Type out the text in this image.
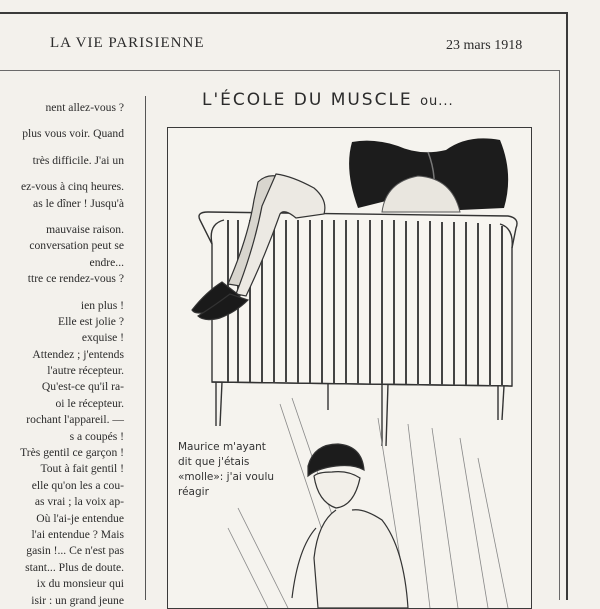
LA VIE PARISIENNE	23 mars 1918
L'ÉCOLE DU MUSCLE ou...
nent allez-vous ?
plus vous voir. Quand
très difficile. J'ai un
ez-vous à cinq heures.
as le dîner ! Jusqu'à
mauvaise raison.
conversation peut se
endre...
ttre ce rendez-vous ?
ien plus !
Elle est jolie ?
exquise !
Attendez ; j'entends
l'autre récepteur.
Qu'est-ce qu'il ra-
oi le récepteur.
rochant l'appareil. —
s a coupés !
Très gentil ce garçon !
Tout à fait gentil !
elle qu'on les a cou-
as vrai ; la voix ap-
Où l'ai-je entendue
l'ai entendue ? Mais
gasin !... Ce n'est pas
stant... Plus de doute.
ix du monsieur qui
isir : un grand jeune
Maurice m'ayant
dit que j'étais
«molle»: j'ai voulu
réagir
